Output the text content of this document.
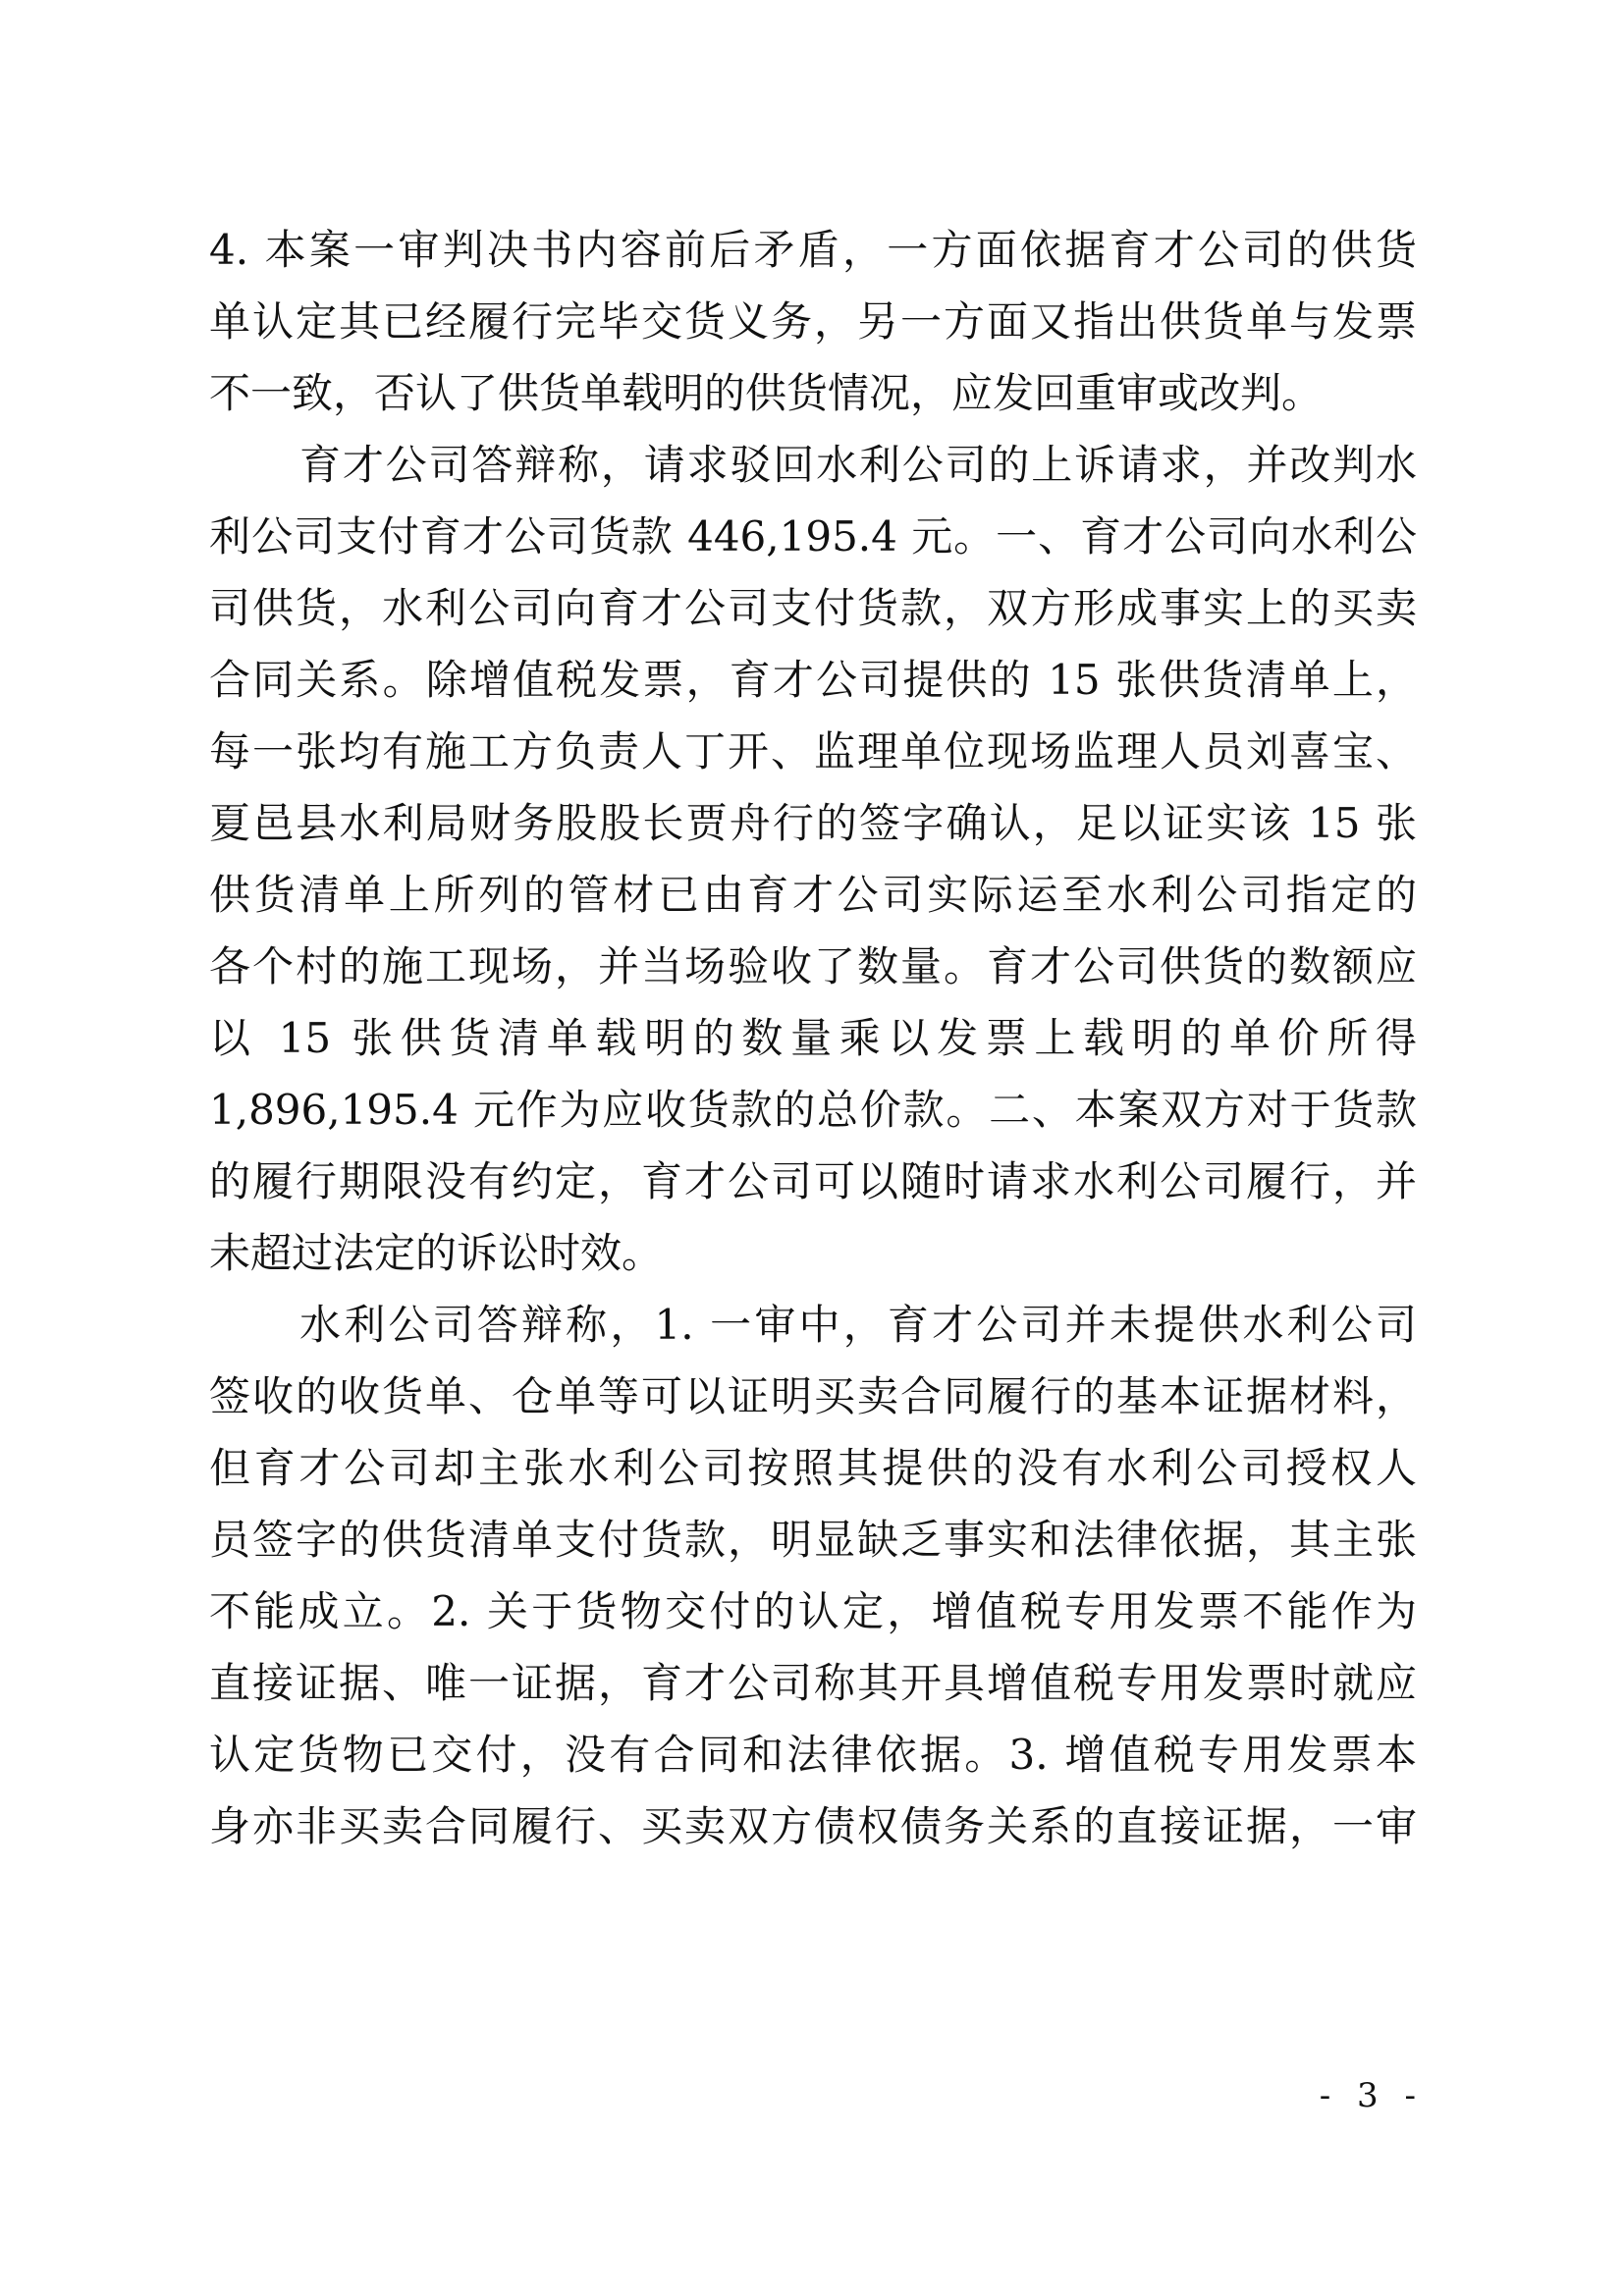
4. 本案一审判决书内容前后矛盾，一方面依据育才公司的供货
单认定其已经履行完毕交货义务，另一方面又指出供货单与发票
不一致，否认了供货单载明的供货情况，应发回重审或改判。
育才公司答辩称，请求驳回水利公司的上诉请求，并改判水
利公司支付育才公司货款 446,195.4 元。一、育才公司向水利公
司供货，水利公司向育才公司支付货款，双方形成事实上的买卖
合同关系。除增值税发票，育才公司提供的 15 张供货清单上，
每一张均有施工方负责人丁开、监理单位现场监理人员刘喜宝、
夏邑县水利局财务股股长贾舟行的签字确认，足以证实该 15 张
供货清单上所列的管材已由育才公司实际运至水利公司指定的
各个村的施工现场，并当场验收了数量。育才公司供货的数额应
以 15 张供货清单载明的数量乘以发票上载明的单价所得
1,896,195.4 元作为应收货款的总价款。二、本案双方对于货款
的履行期限没有约定，育才公司可以随时请求水利公司履行，并
未超过法定的诉讼时效。
水利公司答辩称，1. 一审中，育才公司并未提供水利公司
签收的收货单、仓单等可以证明买卖合同履行的基本证据材料，
但育才公司却主张水利公司按照其提供的没有水利公司授权人
员签字的供货清单支付货款，明显缺乏事实和法律依据，其主张
不能成立。2. 关于货物交付的认定，增值税专用发票不能作为
直接证据、唯一证据，育才公司称其开具增值税专用发票时就应
认定货物已交付，没有合同和法律依据。3. 增值税专用发票本
身亦非买卖合同履行、买卖双方债权债务关系的直接证据，一审
- 3 -
